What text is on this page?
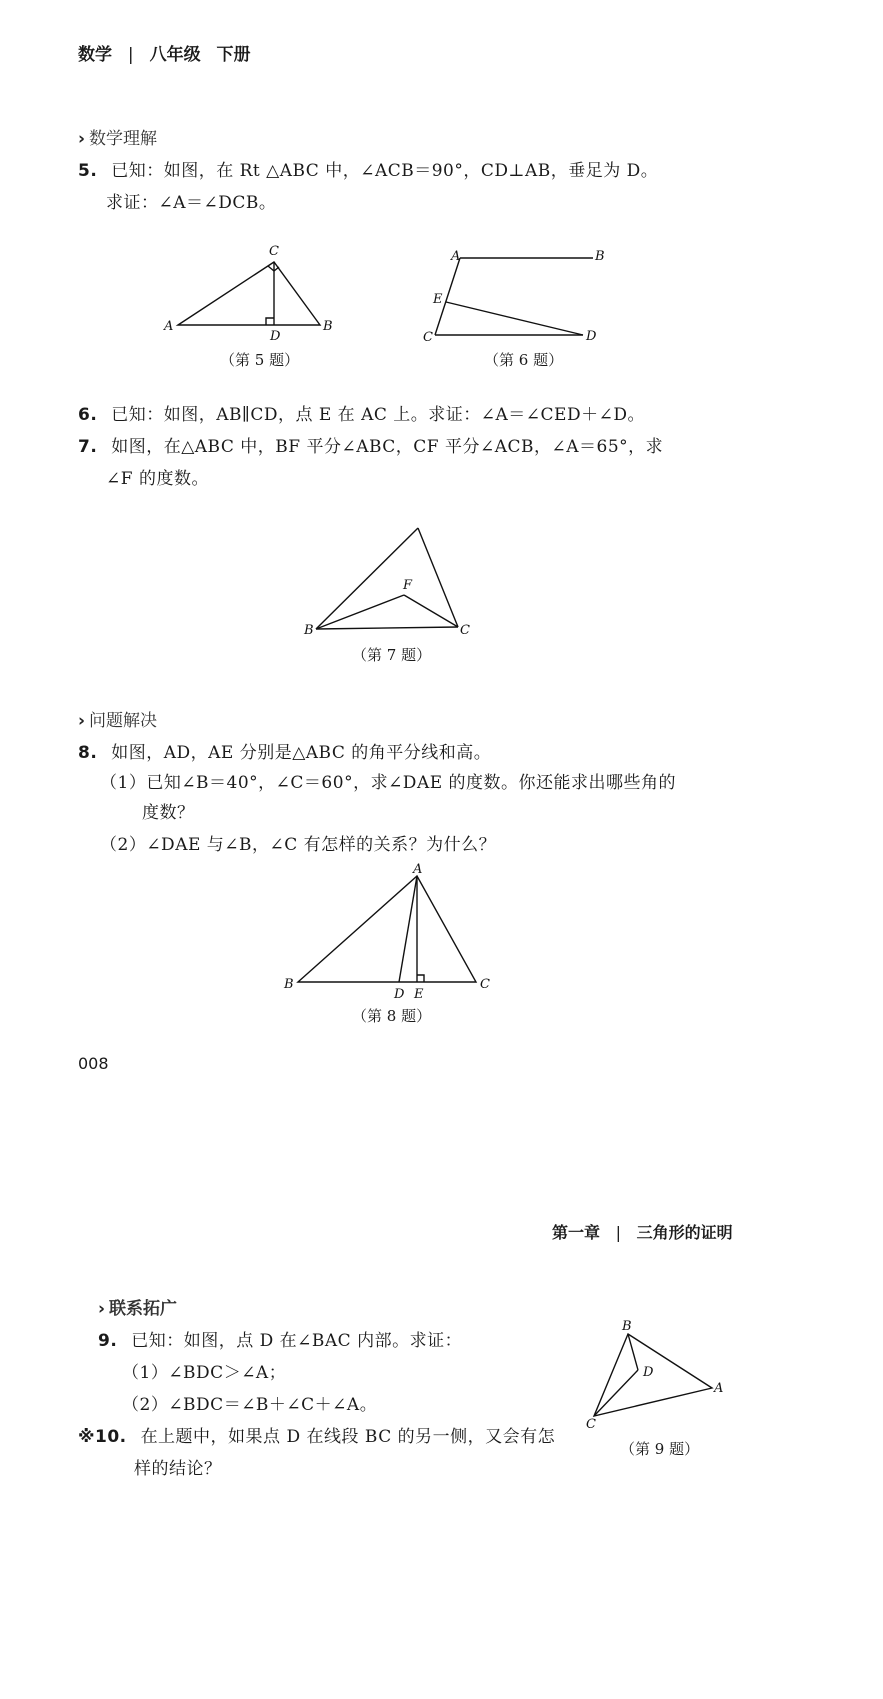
数学 | 八年级 下册
› 数学理解
5. 已知：如图，在 Rt △ABC 中，∠ACB＝90°，CD⊥AB，垂足为 D。
求证：∠A＝∠DCB。
A
C
D
B
（第 5 题）
A	B
E
C	D
（第 6 题）
6. 已知：如图，AB∥CD，点 E 在 AC 上。求证：∠A＝∠CED＋∠D。
7. 如图，在△ABC 中，BF 平分∠ABC，CF 平分∠ACB，∠A＝65°，求
∠F 的度数。
F
B	C
（第 7 题）
› 问题解决
8. 如图，AD，AE 分别是△ABC 的角平分线和高。
（1）已知∠B＝40°，∠C＝60°，求∠DAE 的度数。你还能求出哪些角的
度数？
（2）∠DAE 与∠B，∠C 有怎样的关系？为什么？
A
B	C
D E
（第 8 题）
008
第一章 | 三角形的证明
› 联系拓广
9. 已知：如图，点 D 在∠BAC 内部。求证：
（1）∠BDC＞∠A；
（2）∠BDC＝∠B＋∠C＋∠A。
※10. 在上题中，如果点 D 在线段 BC 的另一侧，又会有怎
样的结论？
B
D
A
C
（第 9 题）
